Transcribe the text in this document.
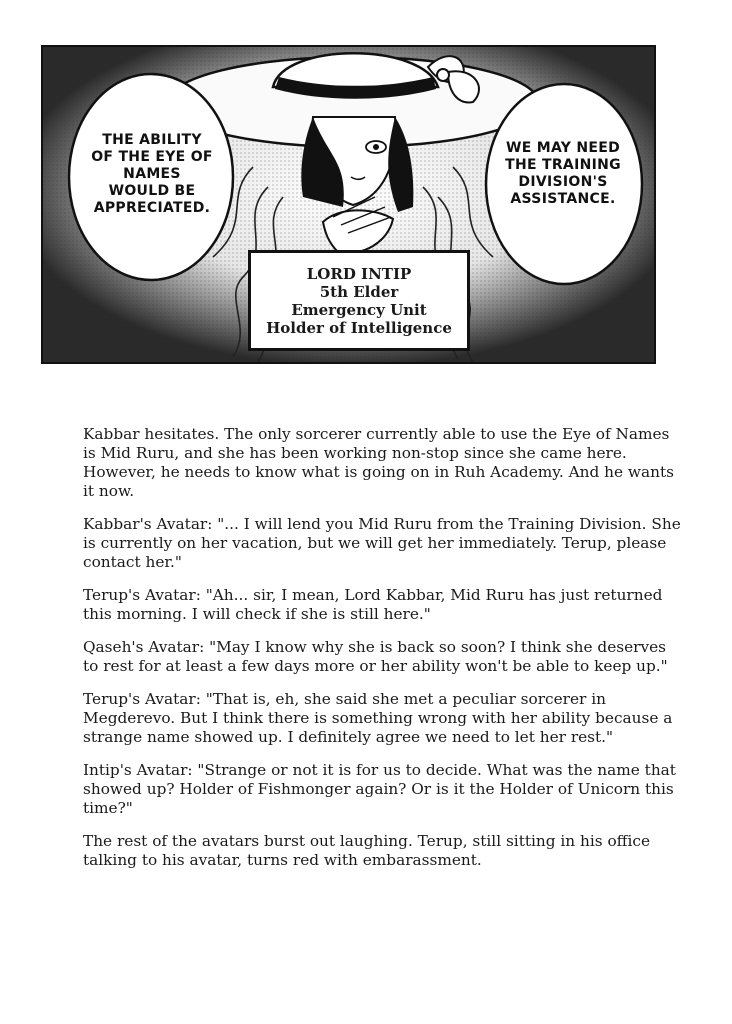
THE ABILITY OF THE EYE OF NAMES WOULD BE APPRECIATED.
WE MAY NEED THE TRAINING DIVISION'S ASSISTANCE.
LORD INTIP
5th Elder
Emergency Unit
Holder of Intelligence

Kabbar hesitates. The only sorcerer currently able to use the Eye of Names is Mid Ruru, and she has been working non-stop since she came here. However, he needs to know what is going on in Ruh Academy. And he wants it now.

Kabbar's Avatar: "... I will lend you Mid Ruru from the Training Division. She is currently on her vacation, but we will get her immediately. Terup, please contact her."

Terup's Avatar: "Ah... sir, I mean, Lord Kabbar, Mid Ruru has just returned this morning. I will check if she is still here."

Qaseh's Avatar: "May I know why she is back so soon? I think she deserves to rest for at least a few days more or her ability won't be able to keep up."

Terup's Avatar: "That is, eh, she said she met a peculiar sorcerer in Megderevo. But I think there is something wrong with her ability because a strange name showed up. I definitely agree we need to let her rest."

Intip's Avatar: "Strange or not it is for us to decide. What was the name that showed up? Holder of Fishmonger again? Or is it the Holder of Unicorn this time?"

The rest of the avatars burst out laughing. Terup, still sitting in his office talking to his avatar, turns red with embarassment.
